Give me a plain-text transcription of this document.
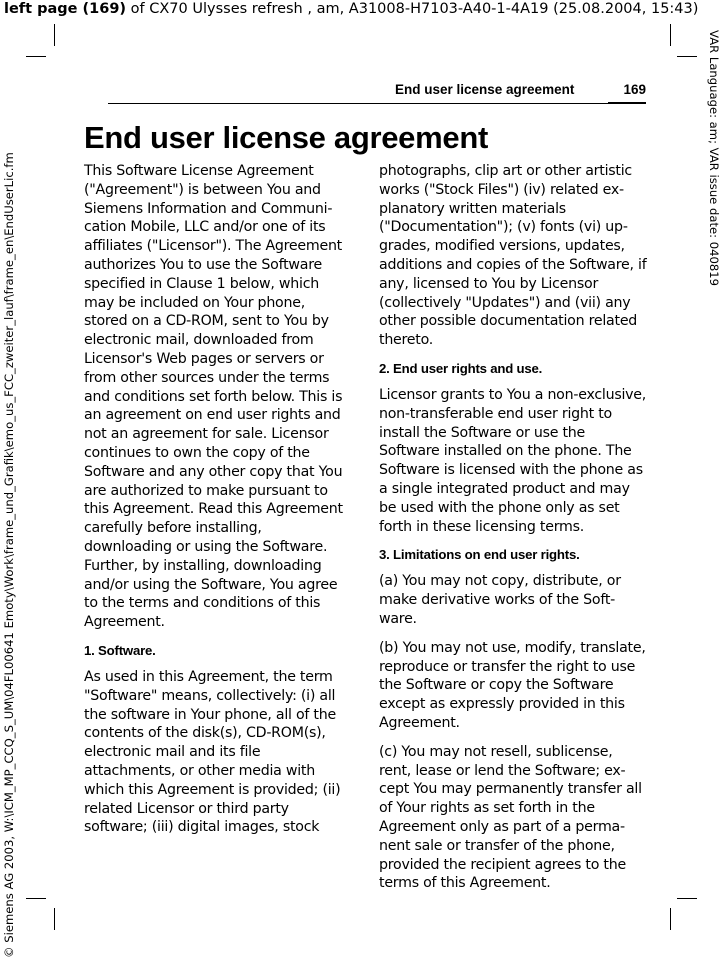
left page (169) of CX70 Ulysses refresh , am, A31008-H7103-A40-1-4A19 (25.08.2004, 15:43)
© Siemens AG 2003, W:\ICM_MP_CCQ_S_UM\04FL00641 Emoty\Work\frame_und_Grafik\emo_us_FCC_zweiter_lauf\frame_en\EndUserLic.fm	VAR Language: am; VAR issue date: 040819
End user license agreement	169
End user license agreement

This Software License Agreement ("Agreement") is between You and Siemens Information and Communication Mobile, LLC and/or one of its affiliates ("Licensor"). The Agreement authorizes You to use the Software specified in Clause 1 below, which may be included on Your phone, stored on a CD-ROM, sent to You by electronic mail, downloaded from Licensor's Web pages or servers or from other sources under the terms and conditions set forth below. This is an agreement on end user rights and not an agreement for sale. Licensor continues to own the copy of the Software and any other copy that You are authorized to make pursuant to this Agreement. Read this Agreement carefully before installing, downloading or using the Software. Further, by installing, downloading and/or using the Software, You agree to the terms and conditions of this Agreement.

1. Software.

As used in this Agreement, the term "Software" means, collectively: (i) all the software in Your phone, all of the contents of the disk(s), CD-ROM(s), electronic mail and its file attachments, or other media with which this Agreement is provided; (ii) related Licensor or third party software; (iii) digital images, stock

photographs, clip art or other artistic works ("Stock Files") (iv) related explanatory written materials ("Documentation"); (v) fonts (vi) upgrades, modified versions, updates, additions and copies of the Software, if any, licensed to You by Licensor (collectively "Updates") and (vii) any other possible documentation related thereto.

2. End user rights and use.

Licensor grants to You a non-exclusive, non-transferable end user right to install the Software or use the Software installed on the phone. The Software is licensed with the phone as a single integrated product and may be used with the phone only as set forth in these licensing terms.

3. Limitations on end user rights.

(a) You may not copy, distribute, or make derivative works of the Software.

(b) You may not use, modify, translate, reproduce or transfer the right to use the Software or copy the Software except as expressly provided in this Agreement.

(c) You may not resell, sublicense, rent, lease or lend the Software; except You may permanently transfer all of Your rights as set forth in the Agreement only as part of a permanent sale or transfer of the phone, provided the recipient agrees to the terms of this Agreement.
